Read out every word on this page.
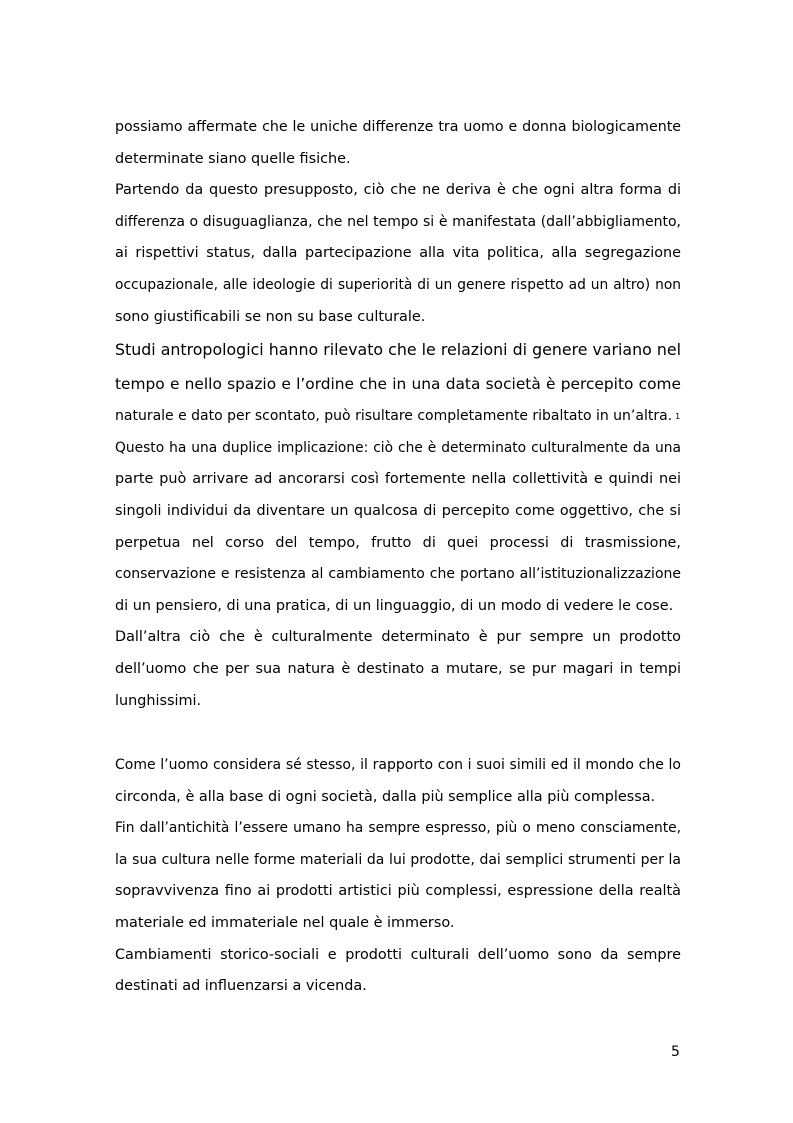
possiamo affermate che le uniche differenze tra uomo e donna biologicamente
determinate siano quelle fisiche.
Partendo da questo presupposto, ciò che ne deriva è che ogni altra forma di
differenza o disuguaglianza, che nel tempo si è manifestata (dall’abbigliamento,
ai rispettivi status, dalla partecipazione alla vita politica, alla segregazione
occupazionale, alle ideologie di superiorità di un genere rispetto ad un altro) non
sono giustificabili se non su base culturale.
Studi antropologici hanno rilevato che le relazioni di genere variano nel
tempo e nello spazio e l’ordine che in una data società è percepito come
naturale e dato per scontato, può risultare completamente ribaltato in un’altra. $^1$
Questo ha una duplice implicazione: ciò che è determinato culturalmente da una
parte può arrivare ad ancorarsi così fortemente nella collettività e quindi nei
singoli individui da diventare un qualcosa di percepito come oggettivo, che si
perpetua nel corso del tempo, frutto di quei processi di trasmissione,
conservazione e resistenza al cambiamento che portano all’istituzionalizzazione
di un pensiero, di una pratica, di un linguaggio, di un modo di vedere le cose.
Dall’altra ciò che è culturalmente determinato è pur sempre un prodotto
dell’uomo che per sua natura è destinato a mutare, se pur magari in tempi
lunghissimi.
Come l’uomo considera sé stesso, il rapporto con i suoi simili ed il mondo che lo
circonda, è alla base di ogni società, dalla più semplice alla più complessa.
Fin dall’antichità l’essere umano ha sempre espresso, più o meno consciamente,
la sua cultura nelle forme materiali da lui prodotte, dai semplici strumenti per la
sopravvivenza fino ai prodotti artistici più complessi, espressione della realtà
materiale ed immateriale nel quale è immerso.
Cambiamenti storico-sociali e prodotti culturali dell’uomo sono da sempre
destinati ad influenzarsi a vicenda.
5
